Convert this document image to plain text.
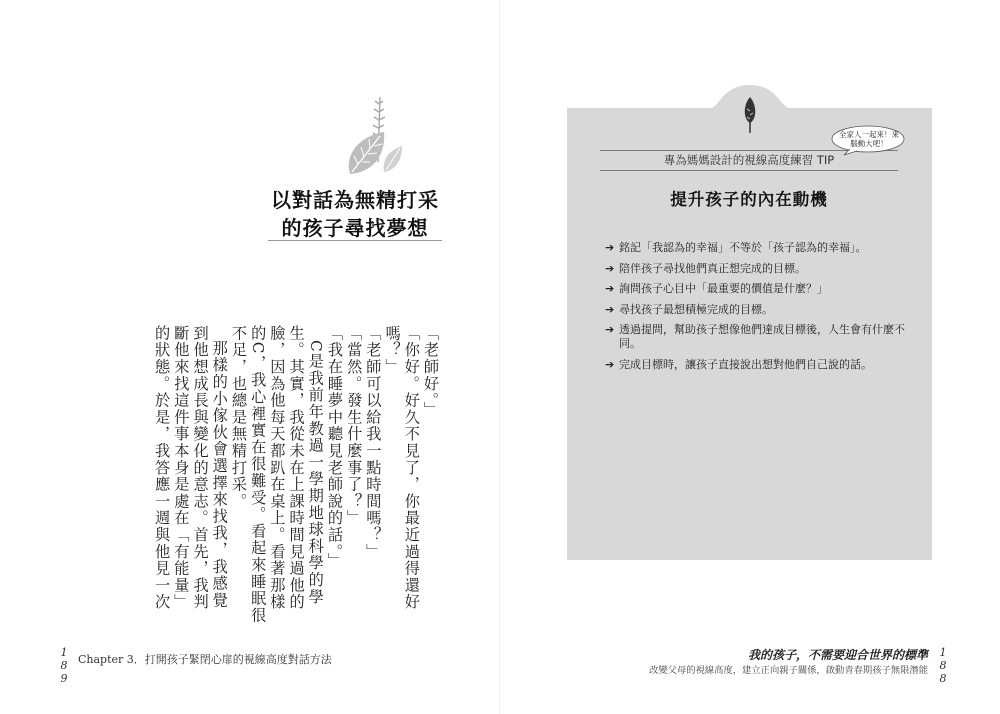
以對話為無精打采
的孩子尋找夢想

「老師好。」

「你好。好久不見了，你最近過得還好嗎？」

「老師可以給我一點時間嗎？」

「當然。發生什麼事了？」

「我在睡夢中聽見老師說的話。」

C是我前年教過一學期地球科學的學生。其實，我從未在上課時間見過他的臉，因為他每天都趴在桌上。看著那樣的C，我心裡實在很難受。看起來睡眠很不足，也總是無精打采。

那樣的小傢伙會選擇來找我，我感覺到他想成長與變化的意志。首先，我判斷他來找這件事本身是處在「有能量」的狀態。於是，我答應一週與他見一次

1
8
9
Chapter 3．打開孩子緊閉心扉的視線高度對話方法
專為媽媽設計的視線高度練習 TIP
全家人一起來！來腦動大吧！
提升孩子的內在動機
➔ 銘記「我認為的幸福」不等於「孩子認為的幸福」。
➔ 陪伴孩子尋找他們真正想完成的目標。
➔ 詢問孩子心目中「最重要的價值是什麼？」
➔ 尋找孩子最想積極完成的目標。
➔ 透過提問，幫助孩子想像他們達成目標後，人生會有什麼不同。
➔ 完成目標時，讓孩子直接說出想對他們自己說的話。
我的孩子，不需要迎合世界的標準
改變父母的視線高度，建立正向親子關係，啟動青春期孩子無限潛能
1
8
8
